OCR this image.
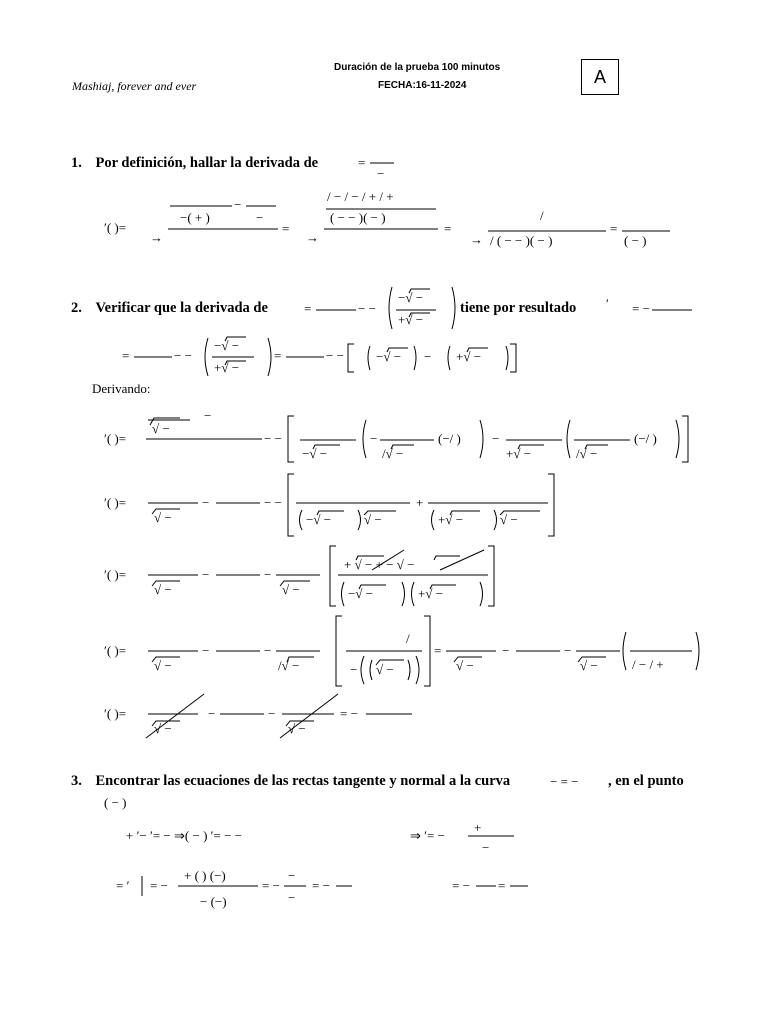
Mashiaj, forever and ever
Duración de la prueba 100 minutos
FECHA:16-11-2024	A
1. Por definición, hallar la derivada de	=
−
′( )=
→
−
−( + )	−
=
→
/ − / − / + / +
( − − )( − )
=
→
/
/ ( − − )( − )
=
( − )
2. Verificar que la derivada de	tiene por resultado
=	− −
−√ −
+√ −
′ = −
=	− −
−√ −
+√ −
=	− − −√ − − +√ −
Derivando:
′( )=
√ −
−
− −
−√ −
−
/√ −
(−/ ) −
+√ −	/√ −
(−/ )
′( )=
√ −
−	− −
−√ −	√ −
+
+√ −	√ −
′( )=
√ −
−	−
√ −
+ √ − + − √ −
−√ −	+√ −
′( )=
√ −
−	−
/√ −
/
− √ −
=
√ −
−	−
√ −	/ − / +
′( )=
√ −
−	−
√ −
= −
3. Encontrar las ecuaciones de las rectas tangente y normal a la curva	, en el punto
− = −
( − )
+ ′− ′= − ⇒( − ) ′= − −	⇒ ′= −
+
−
= ′ = −
+ ( ) (−)
− (−)
= −
−
−
= −	= − =
